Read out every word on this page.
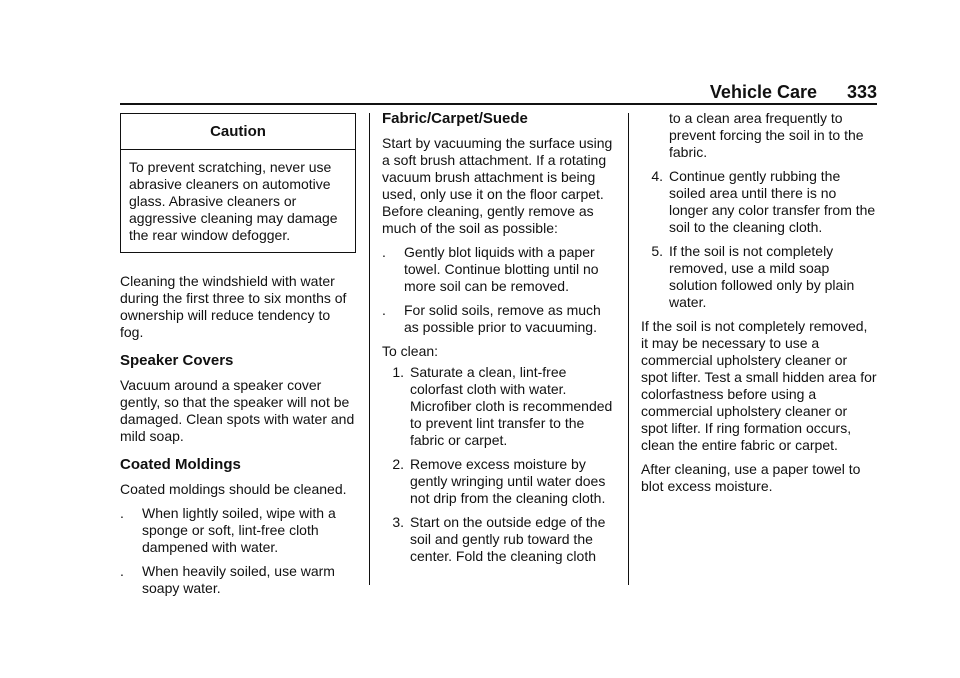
Vehicle Care 333
Caution
To prevent scratching, never use abrasive cleaners on automotive glass. Abrasive cleaners or aggressive cleaning may damage the rear window defogger.

Cleaning the windshield with water during the first three to six months of ownership will reduce tendency to fog.

Speaker Covers

Vacuum around a speaker cover gently, so that the speaker will not be damaged. Clean spots with water and mild soap.

Coated Moldings

Coated moldings should be cleaned.

. When lightly soiled, wipe with a sponge or soft, lint-free cloth dampened with water.
. When heavily soiled, use warm soapy water.
Fabric/Carpet/Suede

Start by vacuuming the surface using a soft brush attachment. If a rotating vacuum brush attachment is being used, only use it on the floor carpet. Before cleaning, gently remove as much of the soil as possible:

. Gently blot liquids with a paper towel. Continue blotting until no more soil can be removed.
. For solid soils, remove as much as possible prior to vacuuming.

To clean:

1. Saturate a clean, lint-free colorfast cloth with water. Microfiber cloth is recommended to prevent lint transfer to the fabric or carpet.
2. Remove excess moisture by gently wringing until water does not drip from the cleaning cloth.
3. Start on the outside edge of the soil and gently rub toward the center. Fold the cleaning cloth

to a clean area frequently to prevent forcing the soil in to the fabric.

4. Continue gently rubbing the soiled area until there is no longer any color transfer from the soil to the cleaning cloth.
5. If the soil is not completely removed, use a mild soap solution followed only by plain water.

If the soil is not completely removed, it may be necessary to use a commercial upholstery cleaner or spot lifter. Test a small hidden area for colorfastness before using a commercial upholstery cleaner or spot lifter. If ring formation occurs, clean the entire fabric or carpet.

After cleaning, use a paper towel to blot excess moisture.
